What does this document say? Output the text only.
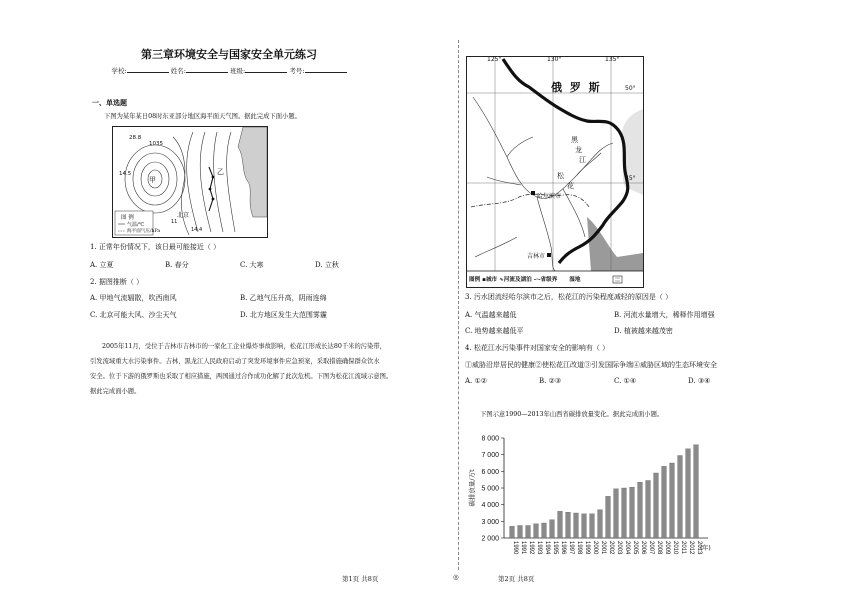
第三章环境安全与国家安全单元练习
学校:	姓名:	班级:	考号:
一、单选题
下图为某年某日08时东亚部分地区海平面天气图。据此完成下面小题。
28.8
1035
14.5
甲
乙
北京
图 例
气温/℃
海平面气压/hPa
11
14.4
1. 正常年份情况下，该日最可能接近（ ）
A. 立夏	B. 春分	C. 大寒	D. 立秋
2. 据图推断（ ）
A. 甲地气流辐散，吹西南风	B. 乙地气压升高，阴雨连绵
C. 北京可能大风、沙尘天气	D. 北方地区发生大范围雾霾
2005年11月，受位于吉林市吉林市的一家化工企业爆炸事故影响，松花江形成长达80千米的污染带，
引发流域重大水污染事件。吉林、黑龙江人民政府启动了突发环境事件应急预案，采取措施确保群众饮水
安全。位于下游的俄罗斯也采取了相应措施，两国通过合作成功化解了此次危机。下图为松花江流域示意图。
据此完成面小题。
第1页 共8页	◎
125°	130°	135°
50°
45°
俄 罗 斯
黑
龙
江
松
花
哈尔滨市
吉林市
图例 ▪城市 ∿河流及湖泊 ‐·‐省级界 湿地
3. 污水团流经哈尔滨市之后，松花江的污染程度减轻的原因是（ ）
A. 气温越来越低	B. 河流水量增大，稀释作用增强
C. 地势越来越低平	D. 植被越来越茂密
4. 松花江水污染事件对国家安全的影响有（ ）
①威胁沿岸居民的健康②使松花江改道③引发国际争端④威胁区域的生态环境安全
A. ①②	B. ②③	C. ①④	D. ③④
下图示意1990—2013年山西省碳排放量变化。据此完成面小题。
2 000
3 000
4 000
5 000
6 000
7 000
8 000
碳排放量/万t
1990 1991 1992 1993 1994 1995 1996 1997 1998 1999 2000 2001 2002 2003 2004 2005 2006 2007 2008 2009 2010 2011 2012 2013
(年)
第2页 共8页
